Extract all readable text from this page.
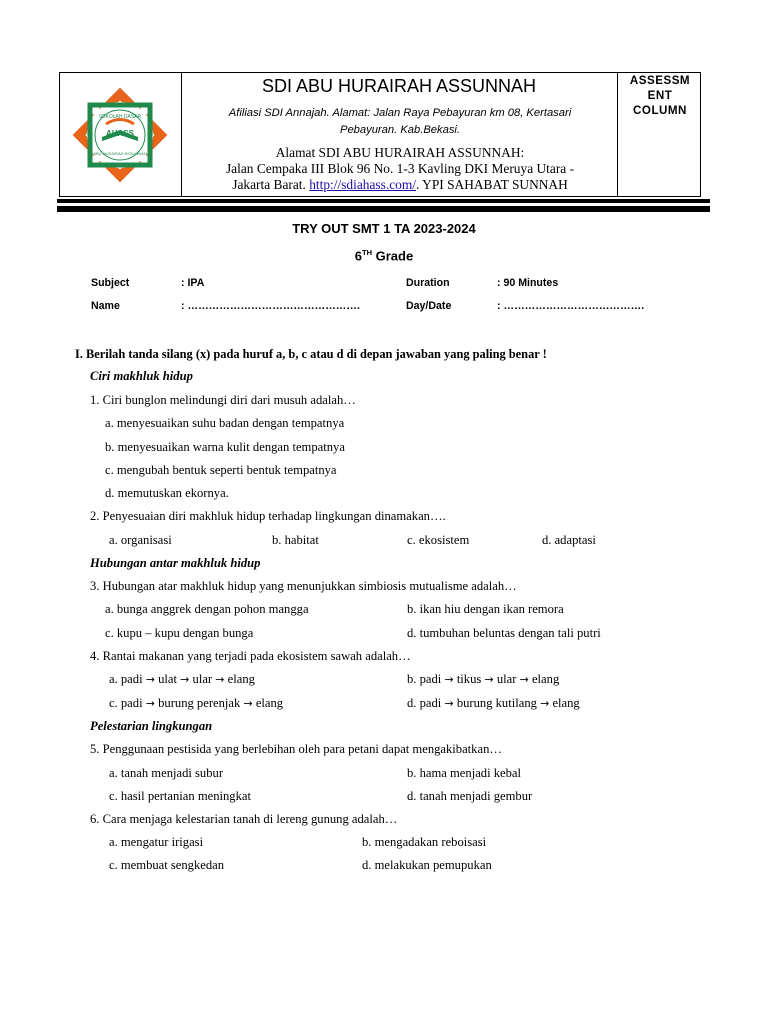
SEKOLAH DASAR
AHASS
ABU HURAIRAH ASSUNNAH
SDI ABU HURAIRAH ASSUNNAH
Afiliasi SDI Annajah. Alamat: Jalan Raya Pebayuran km 08, Kertasari
Pebayuran. Kab.Bekasi.
Alamat SDI ABU HURAIRAH ASSUNNAH:
Jalan Cempaka III Blok 96 No. 1-3 Kavling DKI Meruya Utara -
Jakarta Barat. http://sdiahass.com/. YPI SAHABAT SUNNAH
ASSESSM
ENT
COLUMN
TRY OUT SMT 1 TA 2023-2024
6TH Grade
Subject	: IPA	Duration	: 90 Minutes
Name	: ………………………………………….	Day/Date	: ………………………………….
I. Berilah tanda silang (x) pada huruf a, b, c atau d di depan jawaban yang paling benar !
Ciri makhluk hidup
1. Ciri bunglon melindungi diri dari musuh adalah…
a. menyesuaikan suhu badan dengan tempatnya
b. menyesuaikan warna kulit dengan tempatnya
c. mengubah bentuk seperti bentuk tempatnya
d. memutuskan ekornya.
2. Penyesuaian diri makhluk hidup terhadap lingkungan dinamakan….
a. organisasi	b. habitat	c. ekosistem	d. adaptasi
Hubungan antar makhluk hidup
3. Hubungan atar makhluk hidup yang menunjukkan simbiosis mutualisme adalah…
a. bunga anggrek dengan pohon mangga	b. ikan hiu dengan ikan remora
c. kupu – kupu dengan bunga	d. tumbuhan beluntas dengan tali putri
4. Rantai makanan yang terjadi pada ekosistem sawah adalah…
a. padi → ulat → ular → elang	b. padi → tikus → ular → elang
c. padi → burung perenjak → elang	d. padi → burung kutilang → elang
Pelestarian lingkungan
5. Penggunaan pestisida yang berlebihan oleh para petani dapat mengakibatkan…
a. tanah menjadi subur	b. hama menjadi kebal
c. hasil pertanian meningkat	d. tanah menjadi gembur
6. Cara menjaga kelestarian tanah di lereng gunung adalah…
a. mengatur irigasi	b. mengadakan reboisasi
c. membuat sengkedan	d. melakukan pemupukan
